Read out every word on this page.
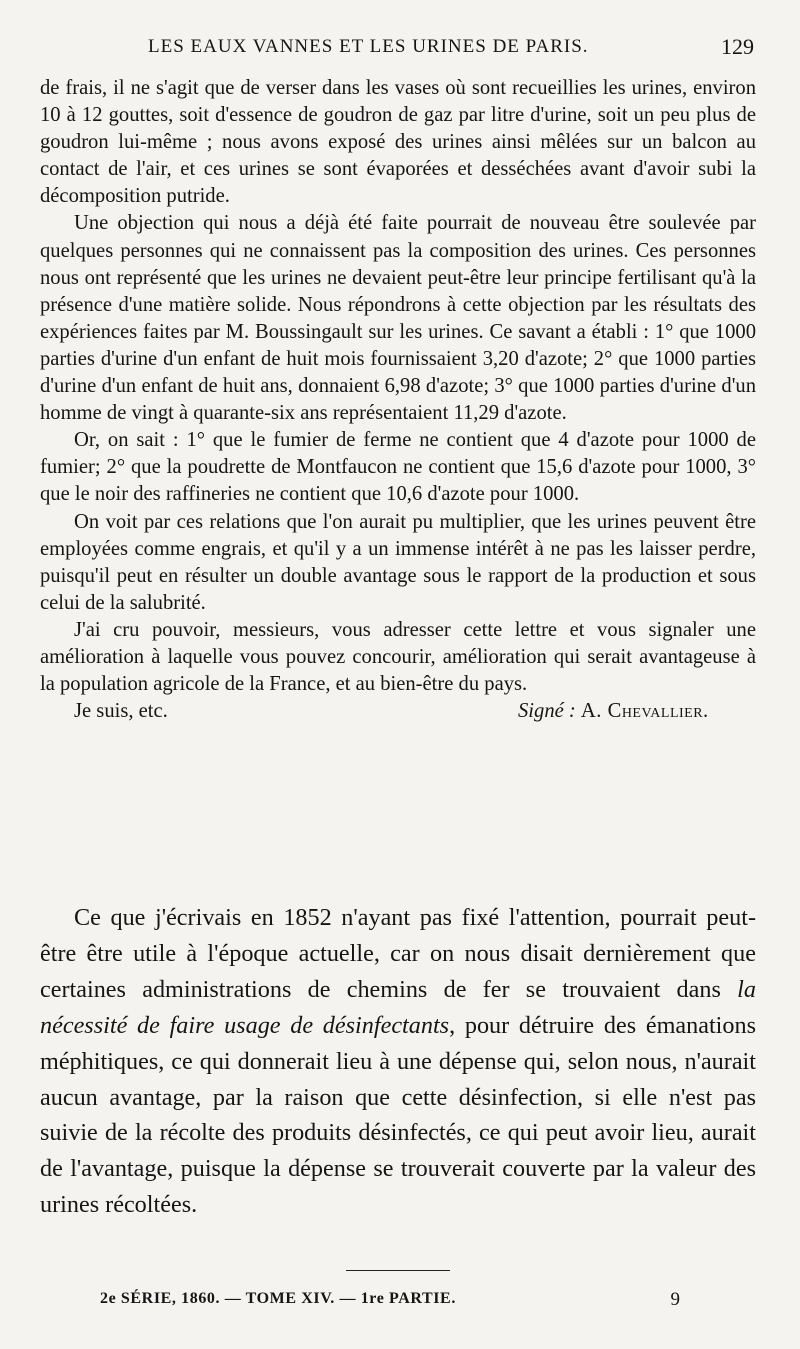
LES EAUX VANNES ET LES URINES DE PARIS.	129

de frais, il ne s'agit que de verser dans les vases où sont recueillies les urines, environ 10 à 12 gouttes, soit d'essence de goudron de gaz par litre d'urine, soit un peu plus de goudron lui-même ; nous avons exposé des urines ainsi mêlées sur un balcon au contact de l'air, et ces urines se sont évaporées et desséchées avant d'avoir subi la décomposition putride.

Une objection qui nous a déjà été faite pourrait de nouveau être soulevée par quelques personnes qui ne connaissent pas la composition des urines. Ces personnes nous ont représenté que les urines ne devaient peut-être leur principe fertilisant qu'à la présence d'une matière solide. Nous répondrons à cette objection par les résultats des expériences faites par M. Boussingault sur les urines. Ce savant a établi : 1° que 1000 parties d'urine d'un enfant de huit mois fournissaient 3,20 d'azote; 2° que 1000 parties d'urine d'un enfant de huit ans, donnaient 6,98 d'azote; 3° que 1000 parties d'urine d'un homme de vingt à quarante-six ans représentaient 11,29 d'azote.

Or, on sait : 1° que le fumier de ferme ne contient que 4 d'azote pour 1000 de fumier; 2° que la poudrette de Montfaucon ne contient que 15,6 d'azote pour 1000, 3° que le noir des raffineries ne contient que 10,6 d'azote pour 1000.

On voit par ces relations que l'on aurait pu multiplier, que les urines peuvent être employées comme engrais, et qu'il y a un immense intérêt à ne pas les laisser perdre, puisqu'il peut en résulter un double avantage sous le rapport de la production et sous celui de la salubrité.

J'ai cru pouvoir, messieurs, vous adresser cette lettre et vous signaler une amélioration à laquelle vous pouvez concourir, amélioration qui serait avantageuse à la population agricole de la France, et au bien-être du pays.

Je suis, etc.	Signé : A. Chevallier.

Ce que j'écrivais en 1852 n'ayant pas fixé l'attention, pourrait peut-être être utile à l'époque actuelle, car on nous disait dernièrement que certaines administrations de chemins de fer se trouvaient dans la nécessité de faire usage de désinfectants, pour détruire des émanations méphitiques, ce qui donnerait lieu à une dépense qui, selon nous, n'aurait aucun avantage, par la raison que cette désinfection, si elle n'est pas suivie de la récolte des produits désinfectés, ce qui peut avoir lieu, aurait de l'avantage, puisque la dépense se trouverait couverte par la valeur des urines récoltées.

2e SÉRIE, 1860. — TOME XIV. — 1re PARTIE.	9
